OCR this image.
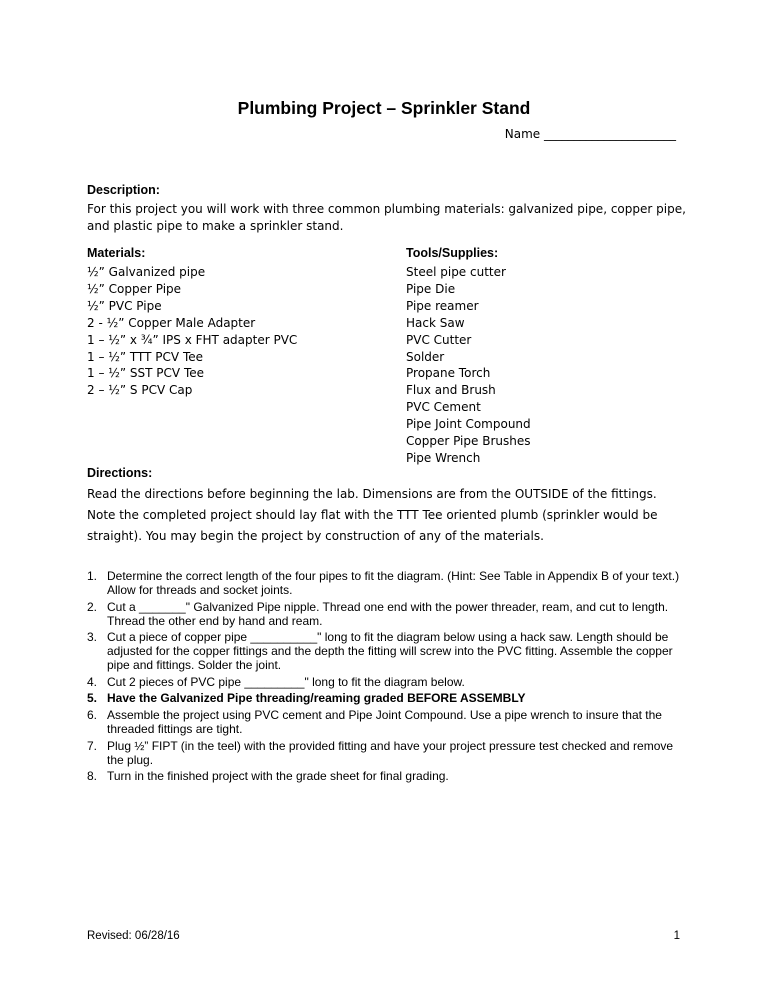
Plumbing Project – Sprinkler Stand
Name ______________________
Description:
For this project you will work with three common plumbing materials: galvanized pipe, copper pipe, and plastic pipe to make a sprinkler stand.
Materials:
½” Galvanized pipe
½” Copper Pipe
½” PVC Pipe
2 - ½” Copper Male Adapter
1 – ½” x ¾” IPS x FHT adapter PVC
1 – ½” TTT PCV Tee
1 – ½” SST PCV Tee
2 – ½” S PCV Cap
Tools/Supplies:
Steel pipe cutter
Pipe Die
Pipe reamer
Hack Saw
PVC Cutter
Solder
Propane Torch
Flux and Brush
PVC Cement
Pipe Joint Compound
Copper Pipe Brushes
Pipe Wrench
Directions:
Read the directions before beginning the lab. Dimensions are from the OUTSIDE of the fittings. Note the completed project should lay flat with the TTT Tee oriented plumb (sprinkler would be straight). You may begin the project by construction of any of the materials.
1. Determine the correct length of the four pipes to fit the diagram. (Hint: See Table in Appendix B of your text.) Allow for threads and socket joints.
2. Cut a _______" Galvanized Pipe nipple. Thread one end with the power threader, ream, and cut to length. Thread the other end by hand and ream.
3. Cut a piece of copper pipe __________" long to fit the diagram below using a hack saw. Length should be adjusted for the copper fittings and the depth the fitting will screw into the PVC fitting. Assemble the copper pipe and fittings. Solder the joint.
4. Cut 2 pieces of PVC pipe _________" long to fit the diagram below.
5. Have the Galvanized Pipe threading/reaming graded BEFORE ASSEMBLY
6. Assemble the project using PVC cement and Pipe Joint Compound. Use a pipe wrench to insure that the threaded fittings are tight.
7. Plug ½” FIPT (in the teel) with the provided fitting and have your project pressure test checked and remove the plug.
8. Turn in the finished project with the grade sheet for final grading.
Revised: 06/28/16	1
